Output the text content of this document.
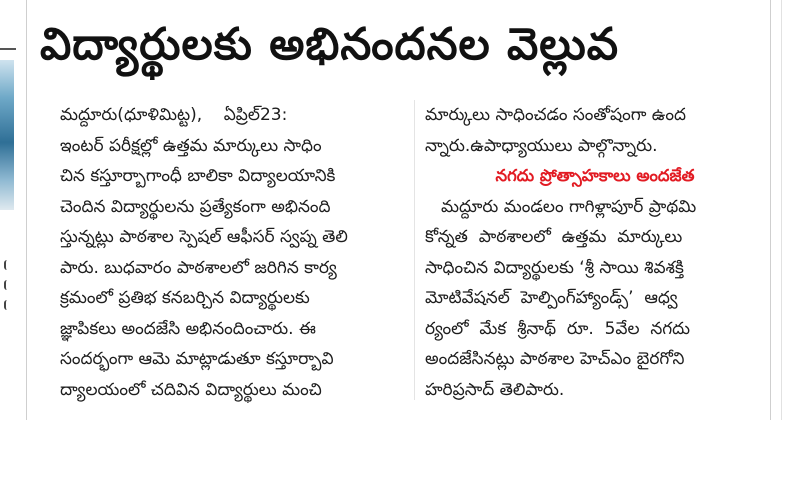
విద్యార్థులకు అభినందనల వెల్లువ
మద్దూరు(ధూళిమిట్ట),    ఏప్రిల్‌23:
ఇంటర్‌ పరీక్షల్లో ఉత్తమ మార్కులు సాధిం
చిన కస్తూర్బాగాంధీ బాలికా విద్యాలయానికి
చెందిన విద్యార్థులను ప్రత్యేకంగా అభినంది
స్తున్నట్లు పాఠశాల స్పెషల్‌ ఆఫీసర్‌ స్వప్న తెలి
పారు. బుధవారం పాఠశాలలో జరిగిన కార్య
క్రమంలో ప్రతిభ కనబర్చిన విద్యార్థులకు
జ్ఞాపికలు అందజేసి అభినందించారు. ఈ
సందర్భంగా ఆమె మాట్లాడుతూ కస్తూర్బావి
ద్యాలయంలో చదివిన విద్యార్థులు మంచి
మార్కులు సాధించడం సంతోషంగా ఉంద
న్నారు.ఉపాధ్యాయులు పాల్గొన్నారు.
నగదు ప్రోత్సాహకాలు అందజేత
మద్దూరు మండలం గాగిళ్లాపూర్‌ ప్రాథమి
కోన్నత  పాఠశాలలో  ఉత్తమ  మార్కులు
సాధించిన విద్యార్థులకు ‘శ్రీ సాయి శివశక్తి
మోటివేషనల్‌  హెల్పింగ్‌హ్యాండ్స్‌’  ఆధ్వ
ర్యంలో  మేక  శ్రీనాథ్‌  రూ.  5వేల  నగదు
అందజేసినట్లు పాఠశాల హెచ్‌ఎం బైరగోని
హరిప్రసాద్‌ తెలిపారు.
